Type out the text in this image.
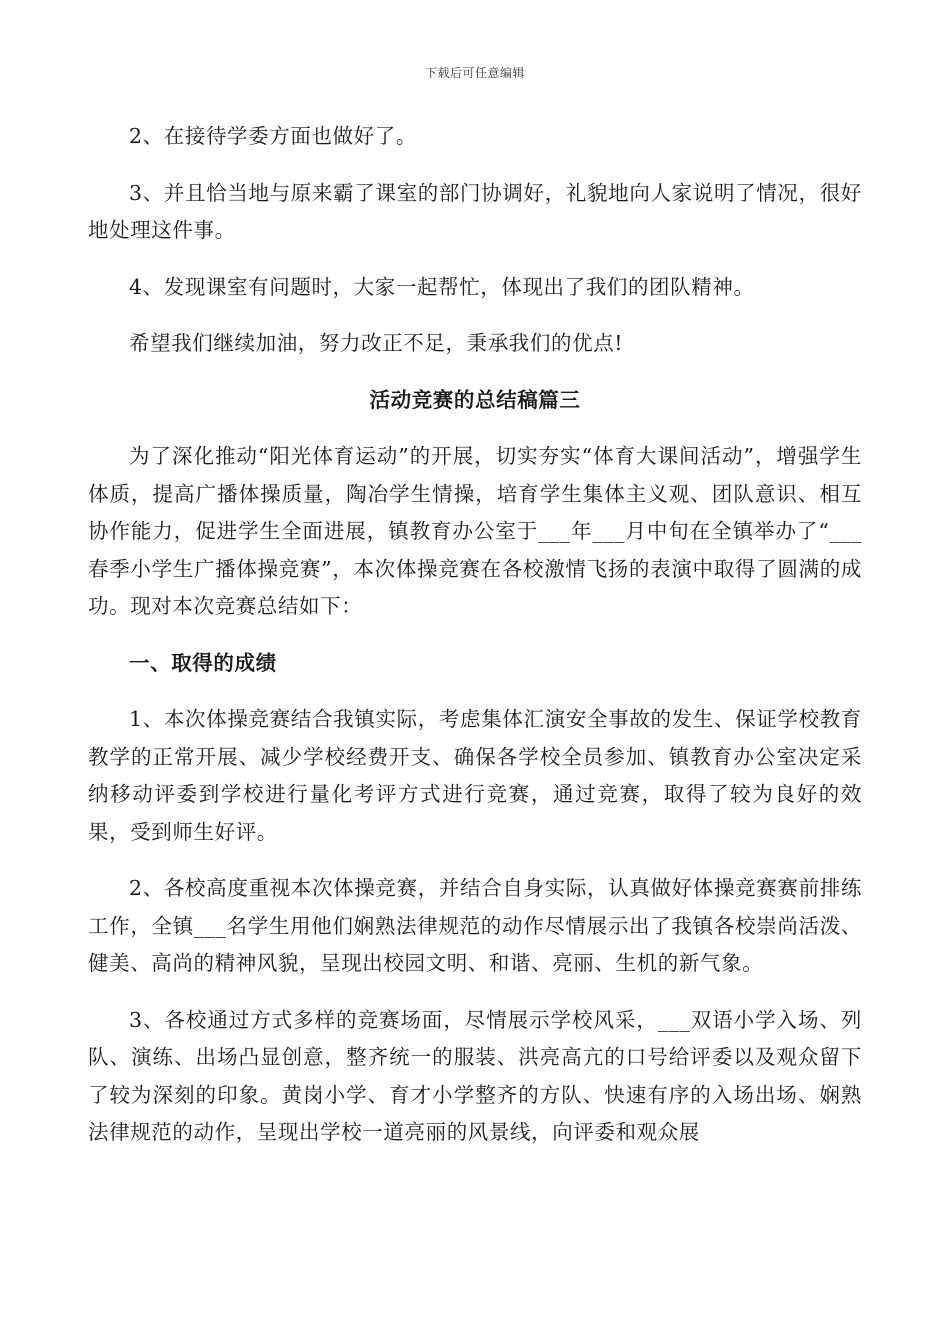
下载后可任意编辑

2、在接待学委方面也做好了。

3、并且恰当地与原来霸了课室的部门协调好，礼貌地向人家说明了情况，很好地处理这件事。

4、发现课室有问题时，大家一起帮忙，体现出了我们的团队精神。

希望我们继续加油，努力改正不足，秉承我们的优点!

活动竞赛的总结稿篇三

为了深化推动“阳光体育运动”的开展，切实夯实“体育大课间活动”，增强学生体质，提高广播体操质量，陶冶学生情操，培育学生集体主义观、团队意识、相互协作能力，促进学生全面进展，镇教育办公室于___年___月中旬在全镇举办了“___春季小学生广播体操竞赛”，本次体操竞赛在各校激情飞扬的表演中取得了圆满的成功。现对本次竞赛总结如下：

一、取得的成绩

1、本次体操竞赛结合我镇实际，考虑集体汇演安全事故的发生、保证学校教育教学的正常开展、减少学校经费开支、确保各学校全员参加、镇教育办公室决定采纳移动评委到学校进行量化考评方式进行竞赛，通过竞赛，取得了较为良好的效果，受到师生好评。

2、各校高度重视本次体操竞赛，并结合自身实际，认真做好体操竞赛赛前排练工作，全镇___名学生用他们娴熟法律规范的动作尽情展示出了我镇各校崇尚活泼、健美、高尚的精神风貌，呈现出校园文明、和谐、亮丽、生机的新气象。

3、各校通过方式多样的竞赛场面，尽情展示学校风采，___双语小学入场、列队、演练、出场凸显创意，整齐统一的服装、洪亮高亢的口号给评委以及观众留下了较为深刻的印象。黄岗小学、育才小学整齐的方队、快速有序的入场出场、娴熟法律规范的动作，呈现出学校一道亮丽的风景线，向评委和观众展
